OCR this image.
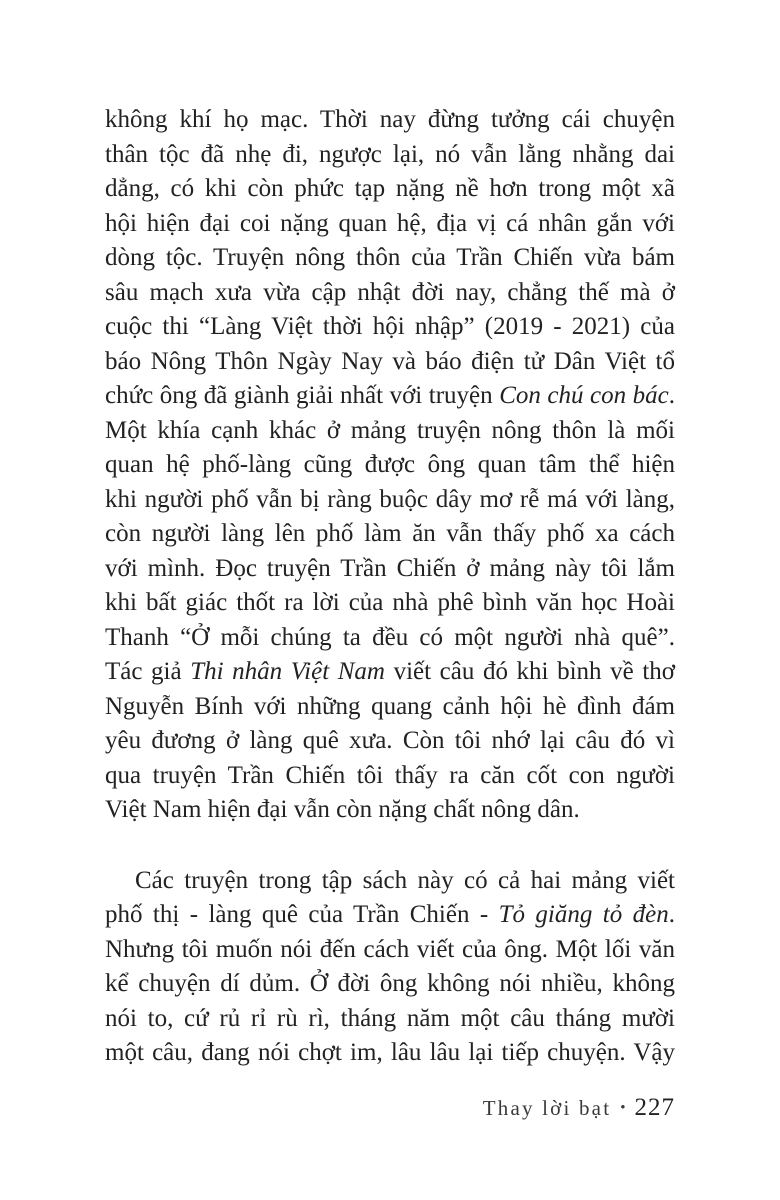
không khí họ mạc. Thời nay đừng tưởng cái chuyện
thân tộc đã nhẹ đi, ngược lại, nó vẫn lằng nhằng dai
dẳng, có khi còn phức tạp nặng nề hơn trong một xã
hội hiện đại coi nặng quan hệ, địa vị cá nhân gắn với
dòng tộc. Truyện nông thôn của Trần Chiến vừa bám
sâu mạch xưa vừa cập nhật đời nay, chẳng thế mà ở
cuộc thi “Làng Việt thời hội nhập” (2019 - 2021) của
báo Nông Thôn Ngày Nay và báo điện tử Dân Việt tổ
chức ông đã giành giải nhất với truyện Con chú con bác.
Một khía cạnh khác ở mảng truyện nông thôn là mối
quan hệ phố-làng cũng được ông quan tâm thể hiện
khi người phố vẫn bị ràng buộc dây mơ rễ má với làng,
còn người làng lên phố làm ăn vẫn thấy phố xa cách
với mình. Đọc truyện Trần Chiến ở mảng này tôi lắm
khi bất giác thốt ra lời của nhà phê bình văn học Hoài
Thanh “Ở mỗi chúng ta đều có một người nhà quê”.
Tác giả Thi nhân Việt Nam viết câu đó khi bình về thơ
Nguyễn Bính với những quang cảnh hội hè đình đám
yêu đương ở làng quê xưa. Còn tôi nhớ lại câu đó vì
qua truyện Trần Chiến tôi thấy ra căn cốt con người
Việt Nam hiện đại vẫn còn nặng chất nông dân.

Các truyện trong tập sách này có cả hai mảng viết
phố thị - làng quê của Trần Chiến - Tỏ giăng tỏ đèn.
Nhưng tôi muốn nói đến cách viết của ông. Một lối văn
kể chuyện dí dủm. Ở đời ông không nói nhiều, không
nói to, cứ rủ rỉ rù rì, tháng năm một câu tháng mười
một câu, đang nói chợt im, lâu lâu lại tiếp chuyện. Vậy

Thay lời bạt • 227
